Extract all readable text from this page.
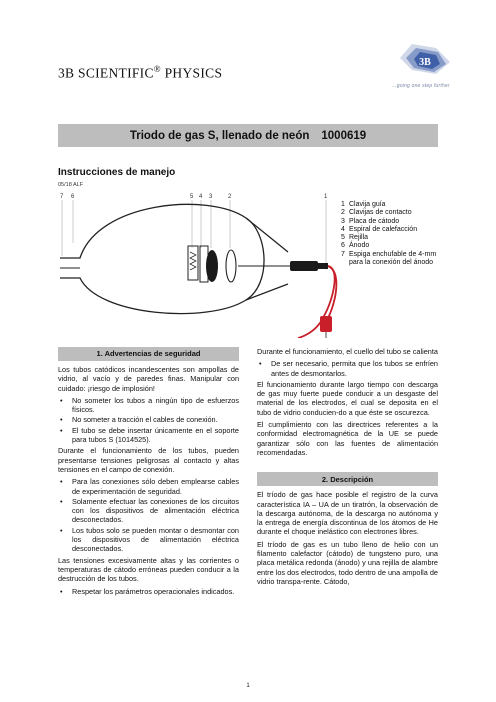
3B SCIENTIFIC® PHYSICS
3B
...going one step further
Triodo de gas S, llenado de neón 1000619
Instrucciones de manejo
05/18 ALF
7 6	5 4 3	2	1
1 Clavija guía
2 Clavijas de contacto
3 Placa de cátodo
4 Espiral de calefacción
5 Rejilla
6 Ánodo
7 Espiga enchufable de 4-mm para la conexión del ánodo
1. Advertencias de seguridad

Los tubos catódicos incandescentes son ampollas de vidrio, al vacío y de paredes finas. Manipular con cuidado: ¡riesgo de implosión!

• No someter los tubos a ningún tipo de esfuerzos físicos.
• No someter a tracción el cables de conexión.
• El tubo se debe insertar únicamente en el soporte para tubos S (1014525).

Durante el funcionamiento de los tubos, pueden presentarse tensiones peligrosas al contacto y altas tensiones en el campo de conexión.

• Para las conexiones sólo deben emplearse cables de experimentación de seguridad.
• Solamente efectuar las conexiones de los circuitos con los dispositivos de alimentación eléctrica desconectados.
• Los tubos solo se pueden montar o desmontar con los dispositivos de alimentación eléctrica desconectados.

Las tensiones excesivamente altas y las corrientes o temperaturas de cátodo erróneas pueden conducir a la destrucción de los tubos.

• Respetar los parámetros operacionales indicados.

Durante el funcionamiento, el cuello del tubo se calienta

• De ser necesario, permita que los tubos se enfríen antes de desmontarlos.

El funcionamiento durante largo tiempo con descarga de gas muy fuerte puede conducir a un desgaste del material de los electrodos, el cual se deposita en el tubo de vidrio conducien-do a que éste se oscurezca.

El cumplimiento con las directrices referentes a la conformidad electromagnética de la UE se puede garantizar sólo con las fuentes de alimentación recomendadas.

2. Descripción

El tríodo de gas hace posible el registro de la curva característica IA – UA de un tiratrón, la observación de la descarga autónoma, de la descarga no autónoma y la entrega de energía discontinua de los átomos de He durante el choque inelástico con electrones libres.

El tríodo de gas es un tubo lleno de helio con un filamento calefactor (cátodo) de tungsteno puro, una placa metálica redonda (ánodo) y una rejilla de alambre entre los dos electrodos, todo dentro de una ampolla de vidrio transpa-rente. Cátodo,

1
